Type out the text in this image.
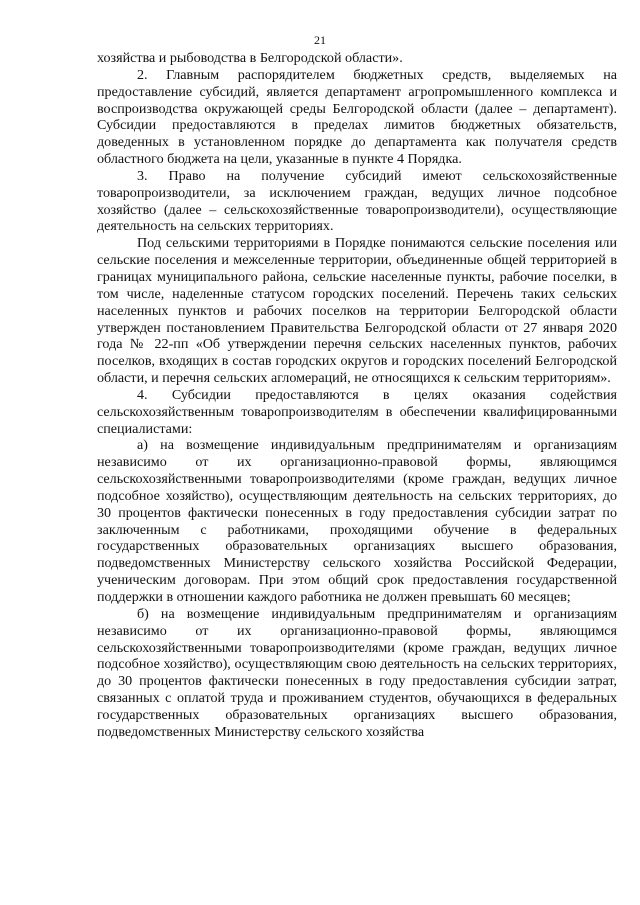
21

хозяйства и рыбоводства в Белгородской области».

2. Главным распорядителем бюджетных средств, выделяемых на предоставление субсидий, является департамент агропромышленного комплекса и воспроизводства окружающей среды Белгородской области (далее – департамент). Субсидии предоставляются в пределах лимитов бюджетных обязательств, доведенных в установленном порядке до департамента как получателя средств областного бюджета на цели, указанные в пункте 4 Порядка.

3. Право на получение субсидий имеют сельскохозяйственные товаропроизводители, за исключением граждан, ведущих личное подсобное хозяйство (далее – сельскохозяйственные товаропроизводители), осуществляющие деятельность на сельских территориях.

Под сельскими территориями в Порядке понимаются сельские поселения или сельские поселения и межселенные территории, объединенные общей территорией в границах муниципального района, сельские населенные пункты, рабочие поселки, в том числе, наделенные статусом городских поселений. Перечень таких сельских населенных пунктов и рабочих поселков на территории Белгородской области утвержден постановлением Правительства Белгородской области от 27 января 2020 года № 22-пп «Об утверждении перечня сельских населенных пунктов, рабочих поселков, входящих в состав городских округов и городских поселений Белгородской области, и перечня сельских агломераций, не относящихся к сельским территориям».

4. Субсидии предоставляются в целях оказания содействия сельскохозяйственным товаропроизводителям в обеспечении квалифицированными специалистами:

а) на возмещение индивидуальным предпринимателям и организациям независимо от их организационно-правовой формы, являющимся сельскохозяйственными товаропроизводителями (кроме граждан, ведущих личное подсобное хозяйство), осуществляющим деятельность на сельских территориях, до 30 процентов фактически понесенных в году предоставления субсидии затрат по заключенным с работниками, проходящими обучение в федеральных государственных образовательных организациях высшего образования, подведомственных Министерству сельского хозяйства Российской Федерации, ученическим договорам. При этом общий срок предоставления государственной поддержки в отношении каждого работника не должен превышать 60 месяцев;

б) на возмещение индивидуальным предпринимателям и организациям независимо от их организационно-правовой формы, являющимся сельскохозяйственными товаропроизводителями (кроме граждан, ведущих личное подсобное хозяйство), осуществляющим свою деятельность на сельских территориях, до 30 процентов фактически понесенных в году предоставления субсидии затрат, связанных с оплатой труда и проживанием студентов, обучающихся в федеральных государственных образовательных организациях высшего образования, подведомственных Министерству сельского хозяйства
